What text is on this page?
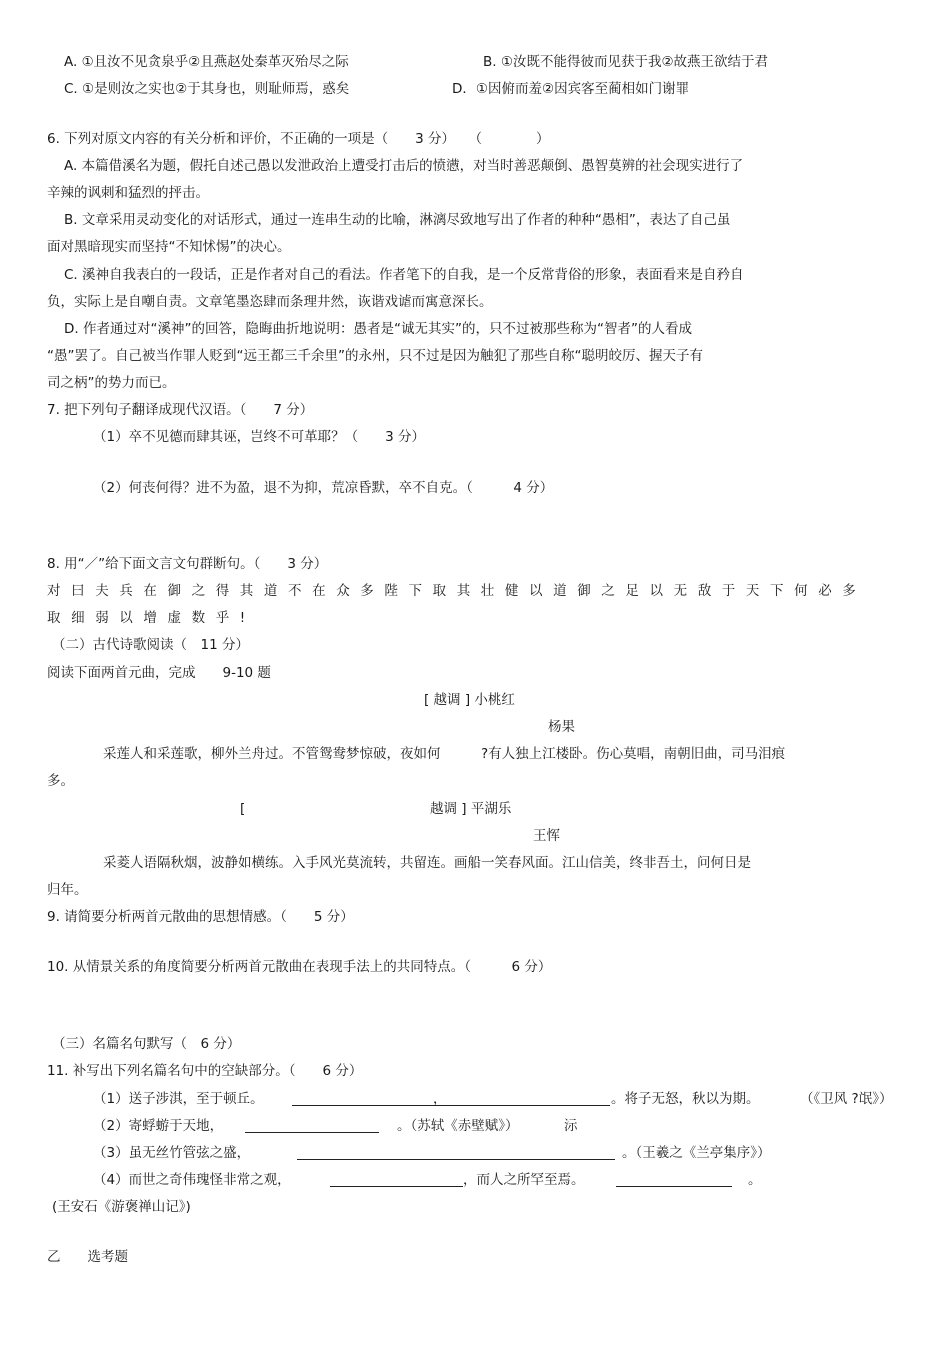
A. ①且汝不见贪泉乎②且燕赵处秦革灭殆尽之际	B. ①汝既不能得彼而见获于我②故燕王欲结于君
C. ①是则汝之实也②于其身也，则耻师焉，惑矣	D．①因俯而羞②因宾客至蔺相如门谢罪
6. 下列对原文内容的有关分析和评价，不正确的一项是（　　3 分）　　（　　　　）
A. 本篇借溪名为题，假托自述己愚以发泄政治上遭受打击后的愤懑，对当时善恶颠倒、愚智莫辨的社会现实进行了
辛辣的讽刺和猛烈的抨击。
B. 文章采用灵动变化的对话形式，通过一连串生动的比喻，淋漓尽致地写出了作者的种种“愚相”，表达了自己虽
面对黑暗现实而坚持“不知怵惕”的决心。
C. 溪神自我表白的一段话，正是作者对自己的看法。作者笔下的自我，是一个反常背俗的形象，表面看来是自矜自
负，实际上是自嘲自责。文章笔墨恣肆而条理井然，诙谐戏谑而寓意深长。
D. 作者通过对“溪神”的回答，隐晦曲折地说明：愚者是“诚无其实”的，只不过被那些称为“智者”的人看成
“愚”罢了。自己被当作罪人贬到“远王都三千余里”的永州，只不过是因为触犯了那些自称“聪明皎厉、握天子有
司之柄”的势力而已。
7. 把下列句子翻译成现代汉语。（　　7 分）
（1）卒不见德而肆其诬，岂终不可革耶？（　　3 分）
（2）何丧何得？进不为盈，退不为抑，荒凉昏默，卒不自克。（　　　4 分）
8. 用“／”给下面文言文句群断句。（　　3 分）
对曰夫兵在御之得其道不在众多陛下取其壮健以道御之足以无敌于天下何必多
取细弱以增虚数乎!
（二）古代诗歌阅读（　11 分）
阅读下面两首元曲，完成　　9-10 题
[ 越调 ] 小桃红
杨果
采莲人和采莲歌，柳外兰舟过。不管鸳鸯梦惊破，夜如何　　　?有人独上江楼卧。伤心莫唱，南朝旧曲，司马泪痕
多。
[	越调 ] 平湖乐
王恽
采菱人语隔秋烟，波静如横练。入手风光莫流转，共留连。画船一笑春风面。江山信美，终非吾土，问何日是
归年。
9. 请简要分析两首元散曲的思想情感。（　　5 分）
10. 从情景关系的角度简要分析两首元散曲在表现手法上的共同特点。（　　　6 分）
（三）名篇名句默写（　6 分）
11. 补写出下列名篇名句中的空缺部分。（　　6 分）
（1）送子涉淇，至于顿丘。	，	。将子无怒，秋以为期。	（《卫风 ?氓》）
（2）寄蜉蝣于天地，	。（苏轼《赤壁赋》）	沶
（3）虽无丝竹管弦之盛，	。（王羲之《兰亭集序》）
（4）而世之奇伟瑰怪非常之观，	，而人之所罕至焉。	。
(王安石《游褒禅山记》)
乙　　选考题
